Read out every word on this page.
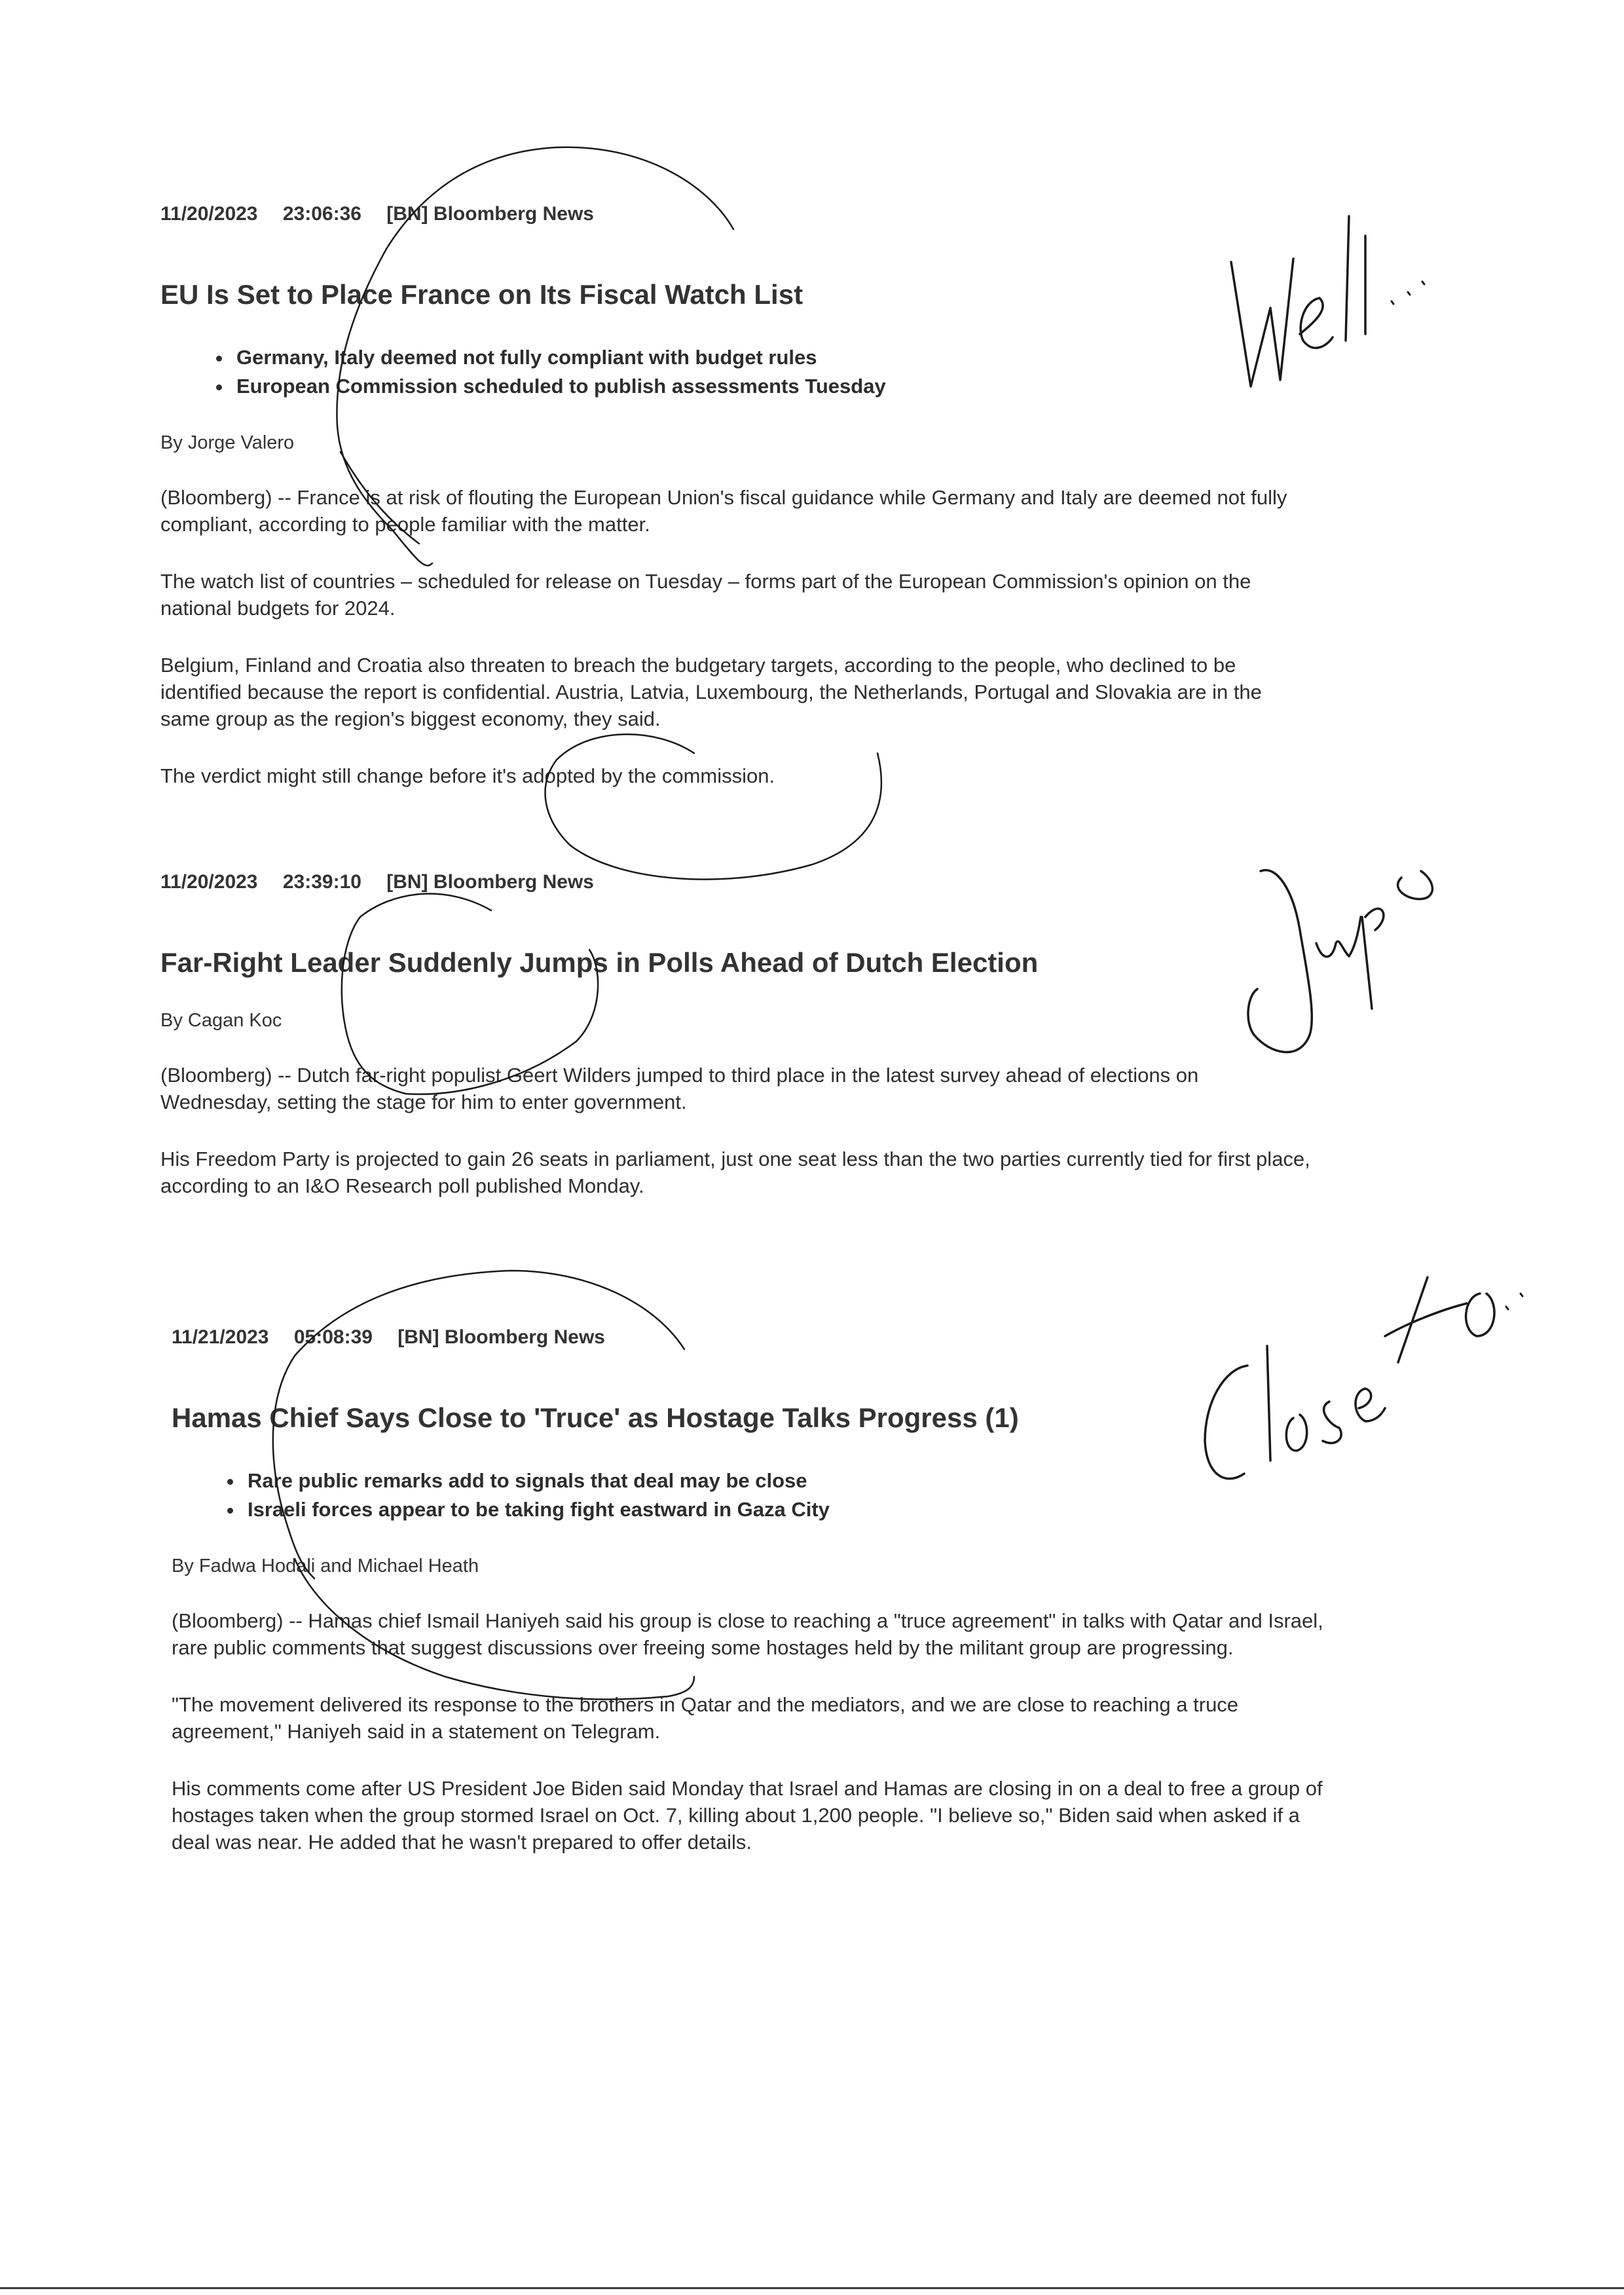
11/20/2023 23:06:36 [BN] Bloomberg News
EU Is Set to Place France on Its Fiscal Watch List
• Germany, Italy deemed not fully compliant with budget rules
• European Commission scheduled to publish assessments Tuesday
By Jorge Valero
(Bloomberg) -- France is at risk of flouting the European Union's fiscal guidance while Germany and Italy are deemed not fully compliant, according to people familiar with the matter.
The watch list of countries – scheduled for release on Tuesday – forms part of the European Commission's opinion on the national budgets for 2024.
Belgium, Finland and Croatia also threaten to breach the budgetary targets, according to the people, who declined to be identified because the report is confidential. Austria, Latvia, Luxembourg, the Netherlands, Portugal and Slovakia are in the same group as the region's biggest economy, they said.
The verdict might still change before it's adopted by the commission.
11/20/2023 23:39:10 [BN] Bloomberg News
Far-Right Leader Suddenly Jumps in Polls Ahead of Dutch Election
By Cagan Koc
(Bloomberg) -- Dutch far-right populist Geert Wilders jumped to third place in the latest survey ahead of elections on Wednesday, setting the stage for him to enter government.
His Freedom Party is projected to gain 26 seats in parliament, just one seat less than the two parties currently tied for first place, according to an I&O Research poll published Monday.
11/21/2023 05:08:39 [BN] Bloomberg News
Hamas Chief Says Close to 'Truce' as Hostage Talks Progress (1)
• Rare public remarks add to signals that deal may be close
• Israeli forces appear to be taking fight eastward in Gaza City
By Fadwa Hodali and Michael Heath
(Bloomberg) -- Hamas chief Ismail Haniyeh said his group is close to reaching a "truce agreement" in talks with Qatar and Israel, rare public comments that suggest discussions over freeing some hostages held by the militant group are progressing.
"The movement delivered its response to the brothers in Qatar and the mediators, and we are close to reaching a truce agreement," Haniyeh said in a statement on Telegram.
His comments come after US President Joe Biden said Monday that Israel and Hamas are closing in on a deal to free a group of hostages taken when the group stormed Israel on Oct. 7, killing about 1,200 people. "I believe so," Biden said when asked if a deal was near. He added that he wasn't prepared to offer details.
